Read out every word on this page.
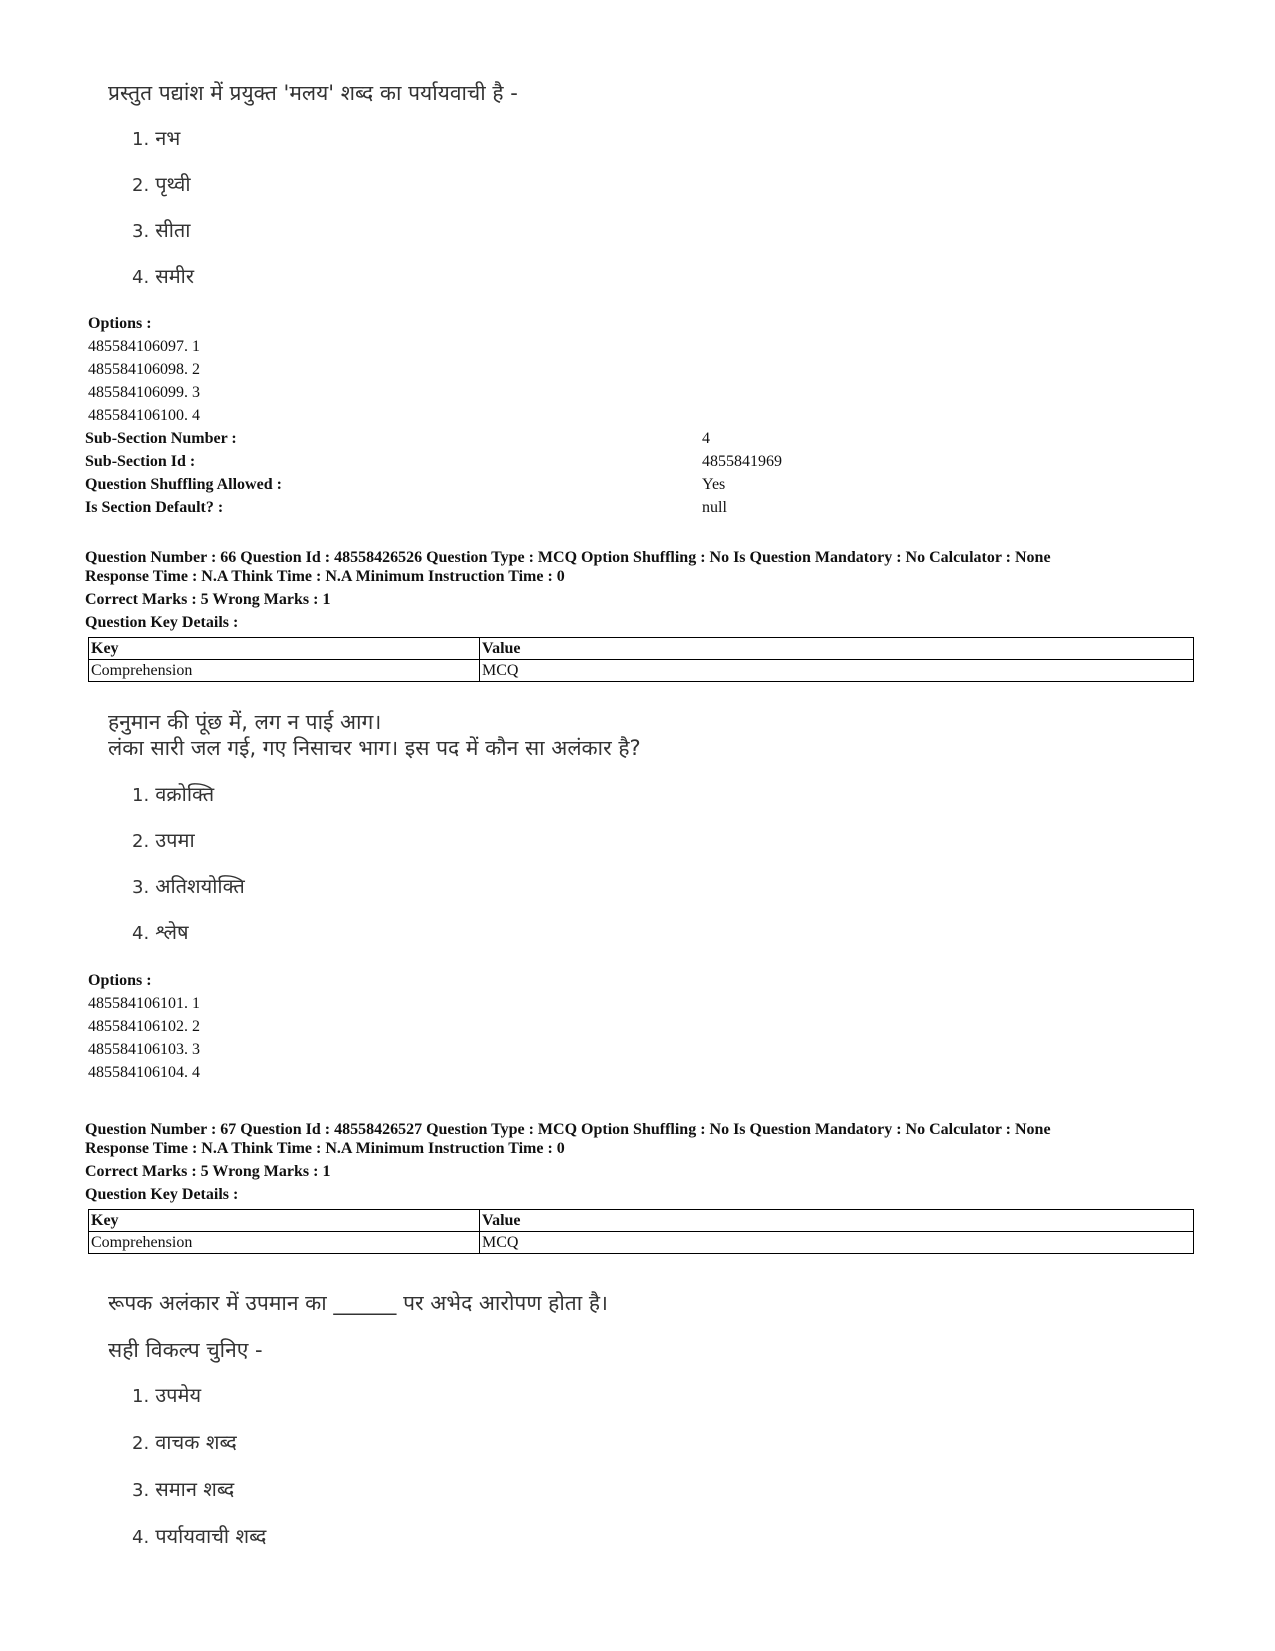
प्रस्तुत पद्यांश में प्रयुक्त 'मलय' शब्द का पर्यायवाची है -
1. नभ
2. पृथ्वी
3. सीता
4. समीर
Options :
485584106097. 1
485584106098. 2
485584106099. 3
485584106100. 4
Sub-Section Number :	4
Sub-Section Id :	4855841969
Question Shuffling Allowed :	Yes
Is Section Default? :	null
Question Number : 66 Question Id : 48558426526 Question Type : MCQ Option Shuffling : No Is Question Mandatory : No Calculator : None
Response Time : N.A Think Time : N.A Minimum Instruction Time : 0
Correct Marks : 5 Wrong Marks : 1
Question Key Details :
Key	Value
Comprehension	MCQ
हनुमान की पूंछ में, लग न पाई आग।
लंका सारी जल गई, गए निसाचर भाग। इस पद में कौन सा अलंकार है?
1. वक्रोक्ति
2. उपमा
3. अतिशयोक्ति
4. श्लेष
Options :
485584106101. 1
485584106102. 2
485584106103. 3
485584106104. 4
Question Number : 67 Question Id : 48558426527 Question Type : MCQ Option Shuffling : No Is Question Mandatory : No Calculator : None
Response Time : N.A Think Time : N.A Minimum Instruction Time : 0
Correct Marks : 5 Wrong Marks : 1
Question Key Details :
Key	Value
Comprehension	MCQ
रूपक अलंकार में उपमान का ______ पर अभेद आरोपण होता है।
सही विकल्प चुनिए -
1. उपमेय
2. वाचक शब्द
3. समान शब्द
4. पर्यायवाची शब्द
